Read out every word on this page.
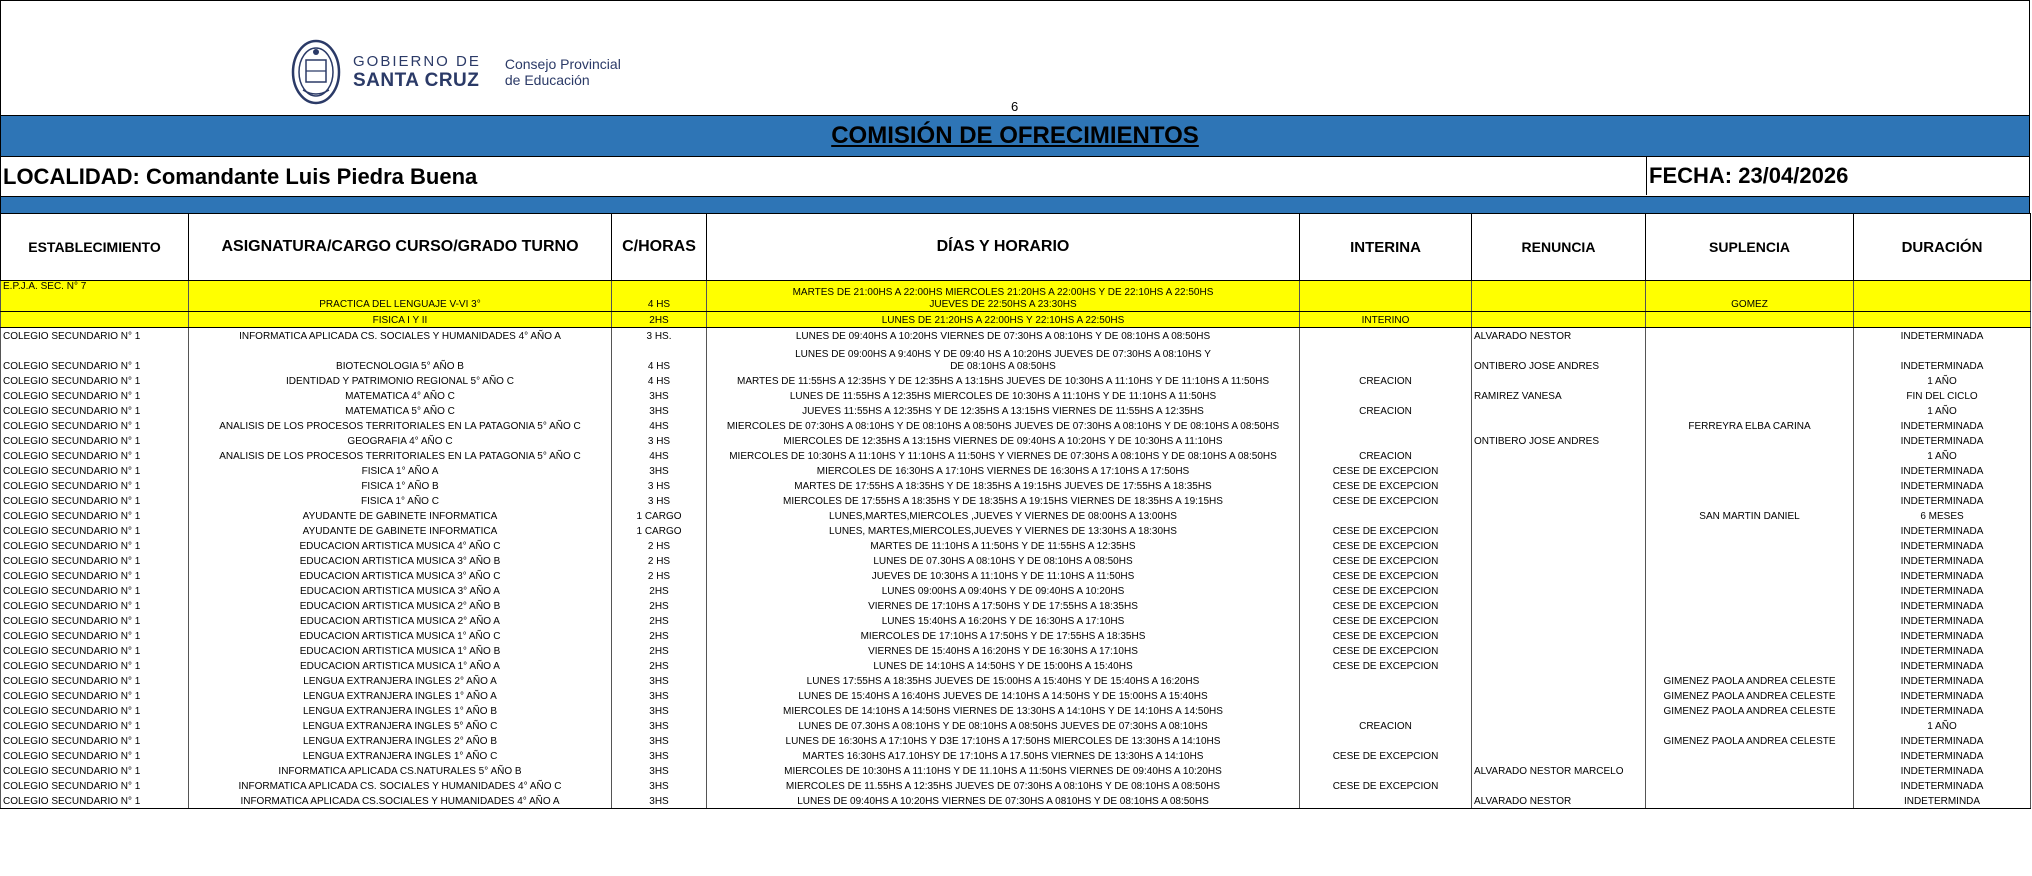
GOBIERNO DE
SANTA CRUZ
Consejo Provincial
de Educación
6
COMISIÓN DE OFRECIMIENTOS
LOCALIDAD: Comandante Luis Piedra Buena	FECHA: 23/04/2026
ESTABLECIMIENTO	ASIGNATURA/CARGO CURSO/GRADO TURNO	C/HORAS	DÍAS Y HORARIO	INTERINA	RENUNCIA	SUPLENCIA	DURACIÓN
E.P.J.A. SEC. N° 7	PRACTICA DEL LENGUAJE V-VI 3°	4 HS	MARTES DE 21:00HS A 22:00HS MIERCOLES 21:20HS A 22:00HS Y DE 22:10HS A 22:50HS JUEVES DE 22:50HS A 23:30HS			GOMEZ	
	FISICA I Y II	2HS	LUNES DE 21:20HS A 22:00HS Y 22:10HS A 22:50HS	INTERINO			
COLEGIO SECUNDARIO N° 1	INFORMATICA APLICADA CS. SOCIALES Y HUMANIDADES 4° AÑO A	3 HS.	LUNES DE 09:40HS A 10:20HS VIERNES DE 07:30HS A 08:10HS Y DE 08:10HS A 08:50HS		ALVARADO NESTOR		INDETERMINADA
COLEGIO SECUNDARIO N° 1	BIOTECNOLOGIA 5° AÑO B	4 HS	LUNES DE 09:00HS A 9:40HS Y DE 09:40 HS A 10:20HS JUEVES DE 07:30HS A 08:10HS Y DE 08:10HS A 08:50HS		ONTIBERO JOSE ANDRES		INDETERMINADA
COLEGIO SECUNDARIO N° 1	IDENTIDAD Y PATRIMONIO REGIONAL 5° AÑO C	4 HS	MARTES DE 11:55HS A 12:35HS Y DE 12:35HS A 13:15HS JUEVES DE 10:30HS A 11:10HS Y DE 11:10HS A 11:50HS	CREACION			1 AÑO
COLEGIO SECUNDARIO N° 1	MATEMATICA 4° AÑO C	3HS	LUNES DE 11:55HS A 12:35HS MIERCOLES DE 10:30HS A 11:10HS Y DE 11:10HS A 11:50HS		RAMIREZ VANESA		FIN DEL CICLO
COLEGIO SECUNDARIO N° 1	MATEMATICA 5° AÑO C	3HS	JUEVES 11:55HS A 12:35HS Y DE 12:35HS A 13:15HS VIERNES DE 11:55HS A 12:35HS	CREACION			1 AÑO
COLEGIO SECUNDARIO N° 1	ANALISIS DE LOS PROCESOS TERRITORIALES EN LA PATAGONIA 5° AÑO C	4HS	MIERCOLES DE 07:30HS A 08:10HS Y DE 08:10HS A 08:50HS JUEVES DE 07:30HS A 08:10HS Y DE 08:10HS A 08:50HS			FERREYRA ELBA CARINA	INDETERMINADA
COLEGIO SECUNDARIO N° 1	GEOGRAFIA 4° AÑO C	3 HS	MIERCOLES DE 12:35HS A 13:15HS VIERNES DE 09:40HS A 10:20HS Y DE 10:30HS A 11:10HS		ONTIBERO JOSE ANDRES		INDETERMINADA
COLEGIO SECUNDARIO N° 1	ANALISIS DE LOS PROCESOS TERRITORIALES EN LA PATAGONIA 5° AÑO C	4HS	MIERCOLES DE 10:30HS A 11:10HS Y 11:10HS A 11:50HS Y VIERNES DE 07:30HS A 08:10HS Y DE 08:10HS A 08:50HS	CREACION			1 AÑO
COLEGIO SECUNDARIO N° 1	FISICA 1° AÑO A	3HS	MIERCOLES DE 16:30HS A 17:10HS VIERNES DE 16:30HS A 17:10HS A 17:50HS	CESE DE EXCEPCION			INDETERMINADA
COLEGIO SECUNDARIO N° 1	FISICA 1° AÑO B	3 HS	MARTES DE 17:55HS A 18:35HS Y DE 18:35HS A 19:15HS JUEVES DE 17:55HS A 18:35HS	CESE DE EXCEPCION			INDETERMINADA
COLEGIO SECUNDARIO N° 1	FISICA 1° AÑO C	3 HS	MIERCOLES DE 17:55HS A 18:35HS Y DE 18:35HS A 19:15HS VIERNES DE 18:35HS A 19:15HS	CESE DE EXCEPCION			INDETERMINADA
COLEGIO SECUNDARIO N° 1	AYUDANTE DE GABINETE INFORMATICA	1 CARGO	LUNES,MARTES,MIERCOLES ,JUEVES Y VIERNES DE 08:00HS A 13:00HS			SAN MARTIN DANIEL	6 MESES
COLEGIO SECUNDARIO N° 1	AYUDANTE DE GABINETE INFORMATICA	1 CARGO	LUNES, MARTES,MIERCOLES,JUEVES Y VIERNES DE 13:30HS A 18:30HS	CESE DE EXCEPCION			INDETERMINADA
COLEGIO SECUNDARIO N° 1	EDUCACION ARTISTICA MUSICA 4° AÑO C	2 HS	MARTES DE 11:10HS A 11:50HS Y DE 11:55HS A 12:35HS	CESE DE EXCEPCION			INDETERMINADA
COLEGIO SECUNDARIO N° 1	EDUCACION ARTISTICA MUSICA 3° AÑO B	2 HS	LUNES DE 07.30HS A 08:10HS Y DE 08:10HS A 08:50HS	CESE DE EXCEPCION			INDETERMINADA
COLEGIO SECUNDARIO N° 1	EDUCACION ARTISTICA MUSICA 3° AÑO C	2 HS	JUEVES DE 10:30HS A 11:10HS Y DE 11:10HS A 11:50HS	CESE DE EXCEPCION			INDETERMINADA
COLEGIO SECUNDARIO N° 1	EDUCACION ARTISTICA MUSICA 3° AÑO A	2HS	LUNES 09:00HS A 09:40HS Y DE 09:40HS A 10:20HS	CESE DE EXCEPCION			INDETERMINADA
COLEGIO SECUNDARIO N° 1	EDUCACION ARTISTICA MUSICA 2° AÑO B	2HS	VIERNES DE 17:10HS A 17:50HS Y DE 17:55HS A 18:35HS	CESE DE EXCEPCION			INDETERMINADA
COLEGIO SECUNDARIO N° 1	EDUCACION ARTISTICA MUSICA 2° AÑO A	2HS	LUNES 15:40HS A 16:20HS Y DE 16:30HS A 17:10HS	CESE DE EXCEPCION			INDETERMINADA
COLEGIO SECUNDARIO N° 1	EDUCACION ARTISTICA MUSICA 1° AÑO C	2HS	MIERCOLES DE 17:10HS A 17:50HS Y DE 17:55HS A 18:35HS	CESE DE EXCEPCION			INDETERMINADA
COLEGIO SECUNDARIO N° 1	EDUCACION ARTISTICA MUSICA 1° AÑO B	2HS	VIERNES DE 15:40HS A 16:20HS Y DE 16:30HS A 17:10HS	CESE DE EXCEPCION			INDETERMINADA
COLEGIO SECUNDARIO N° 1	EDUCACION ARTISTICA MUSICA 1° AÑO A	2HS	LUNES DE 14:10HS A 14:50HS Y DE 15:00HS A 15:40HS	CESE DE EXCEPCION			INDETERMINADA
COLEGIO SECUNDARIO N° 1	LENGUA EXTRANJERA INGLES 2° AÑO A	3HS	LUNES 17:55HS A 18:35HS JUEVES DE 15:00HS A 15:40HS Y DE 15:40HS A 16:20HS			GIMENEZ PAOLA ANDREA CELESTE	INDETERMINADA
COLEGIO SECUNDARIO N° 1	LENGUA EXTRANJERA INGLES 1° AÑO A	3HS	LUNES DE 15:40HS A 16:40HS JUEVES DE 14:10HS A 14:50HS Y DE 15:00HS A 15:40HS			GIMENEZ PAOLA ANDREA CELESTE	INDETERMINADA
COLEGIO SECUNDARIO N° 1	LENGUA EXTRANJERA INGLES 1° AÑO B	3HS	MIERCOLES DE 14:10HS A 14:50HS VIERNES DE 13:30HS A 14:10HS Y DE 14:10HS A 14:50HS			GIMENEZ PAOLA ANDREA CELESTE	INDETERMINADA
COLEGIO SECUNDARIO N° 1	LENGUA EXTRANJERA INGLES 5° AÑO C	3HS	LUNES DE 07.30HS A 08:10HS Y DE 08:10HS A 08:50HS JUEVES DE 07:30HS A 08:10HS	CREACION			1 AÑO
COLEGIO SECUNDARIO N° 1	LENGUA EXTRANJERA INGLES 2° AÑO B	3HS	LUNES DE 16:30HS A 17:10HS Y D3E 17:10HS A 17:50HS MIERCOLES DE 13:30HS A 14:10HS			GIMENEZ PAOLA ANDREA CELESTE	INDETERMINADA
COLEGIO SECUNDARIO N° 1	LENGUA EXTRANJERA INGLES 1° AÑO C	3HS	MARTES 16:30HS A17.10HSY DE 17:10HS A 17.50HS VIERNES DE 13:30HS A 14:10HS	CESE DE EXCEPCION			INDETERMINADA
COLEGIO SECUNDARIO N° 1	INFORMATICA APLICADA CS.NATURALES 5° AÑO B	3HS	MIERCOLES DE 10:30HS A 11:10HS Y DE 11.10HS A 11:50HS VIERNES DE 09:40HS A 10:20HS		ALVARADO NESTOR MARCELO		INDETERMINADA
COLEGIO SECUNDARIO N° 1	INFORMATICA APLICADA CS. SOCIALES Y HUMANIDADES 4° AÑO C	3HS	MIERCOLES DE 11.55HS A 12:35HS JUEVES DE 07:30HS A 08:10HS Y DE 08:10HS A 08:50HS	CESE DE EXCEPCION			INDETERMINADA
COLEGIO SECUNDARIO N° 1	INFORMATICA APLICADA CS.SOCIALES Y HUMANIDADES 4° AÑO A	3HS	LUNES DE 09:40HS A 10:20HS VIERNES DE 07:30HS A 0810HS Y DE 08:10HS A 08:50HS		ALVARADO NESTOR		INDETERMINDA
